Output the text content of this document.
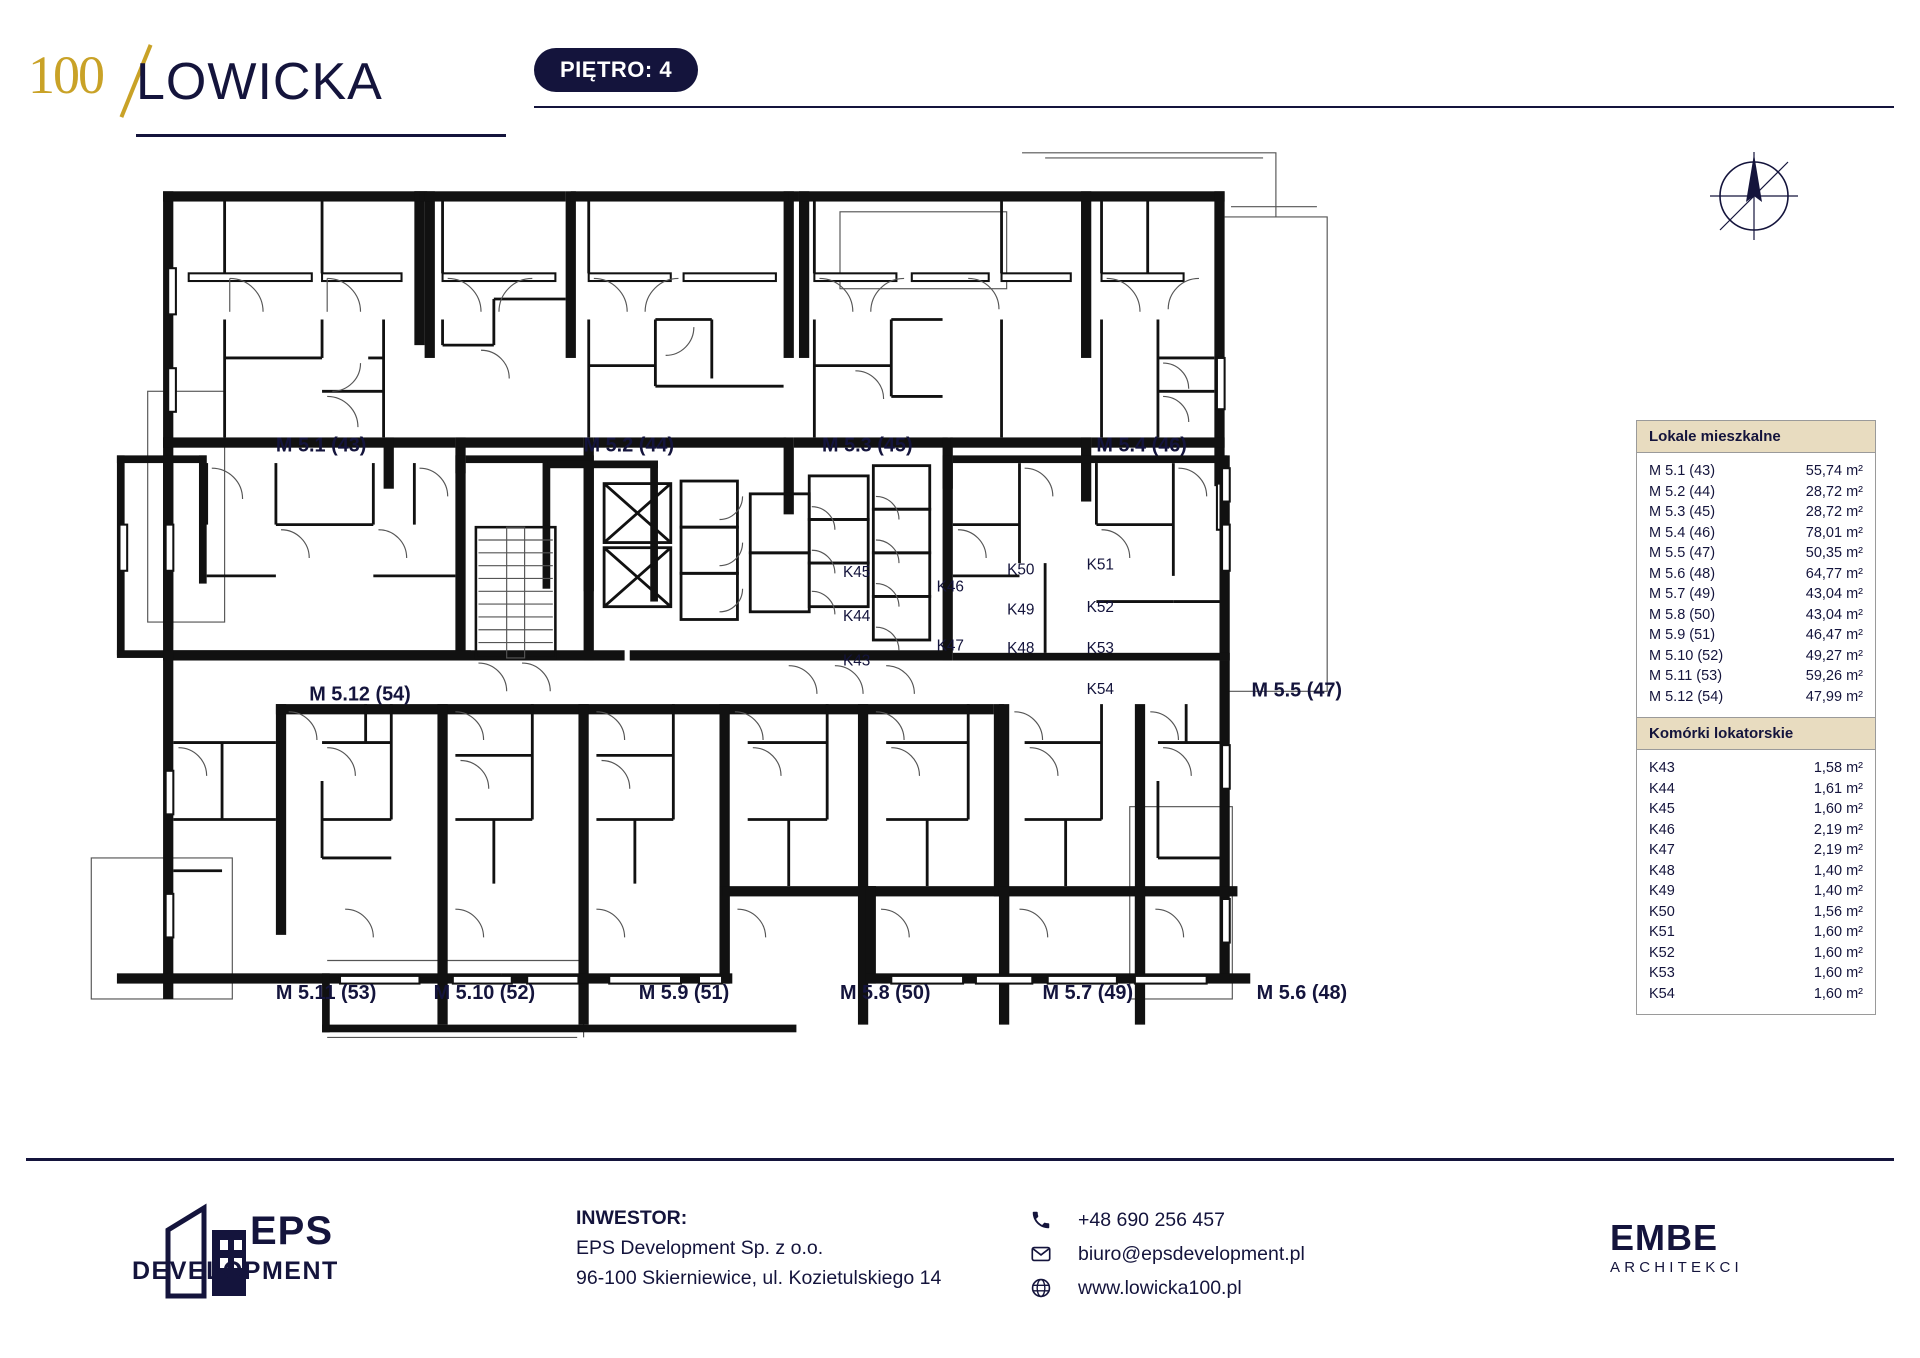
100 LOWICKA	PIĘTRO: 4
M 5.1 (43)	M 5.2 (44)	M 5.3 (45)	M 5.4 (46)
M 5.12 (54)	M 5.5 (47)
M 5.11 (53)	M 5.10 (52)	M 5.9 (51)	M 5.8 (50)	M 5.7 (49)	M 5.6 (48)
K45
K44
K43
K46
K47
K50
K49
K48
K51
K52
K53
K54
Lokale mieszkalne
M 5.1 (43)	55,74 m²
M 5.2 (44)	28,72 m²
M 5.3 (45)	28,72 m²
M 5.4 (46)	78,01 m²
M 5.5 (47)	50,35 m²
M 5.6 (48)	64,77 m²
M 5.7 (49)	43,04 m²
M 5.8 (50)	43,04 m²
M 5.9 (51)	46,47 m²
M 5.10 (52)	49,27 m²
M 5.11 (53)	59,26 m²
M 5.12 (54)	47,99 m²
Komórki lokatorskie
K43	1,58 m²
K44	1,61 m²
K45	1,60 m²
K46	2,19 m²
K47	2,19 m²
K48	1,40 m²
K49	1,40 m²
K50	1,56 m²
K51	1,60 m²
K52	1,60 m²
K53	1,60 m²
K54	1,60 m²
EPS
DEVELOPMENT
INWESTOR:
EPS Development Sp. z o.o.
96-100 Skierniewice, ul. Kozietulskiego 14
+48 690 256 457
biuro@epsdevelopment.pl
www.lowicka100.pl
EMBE
ARCHITEKCI
